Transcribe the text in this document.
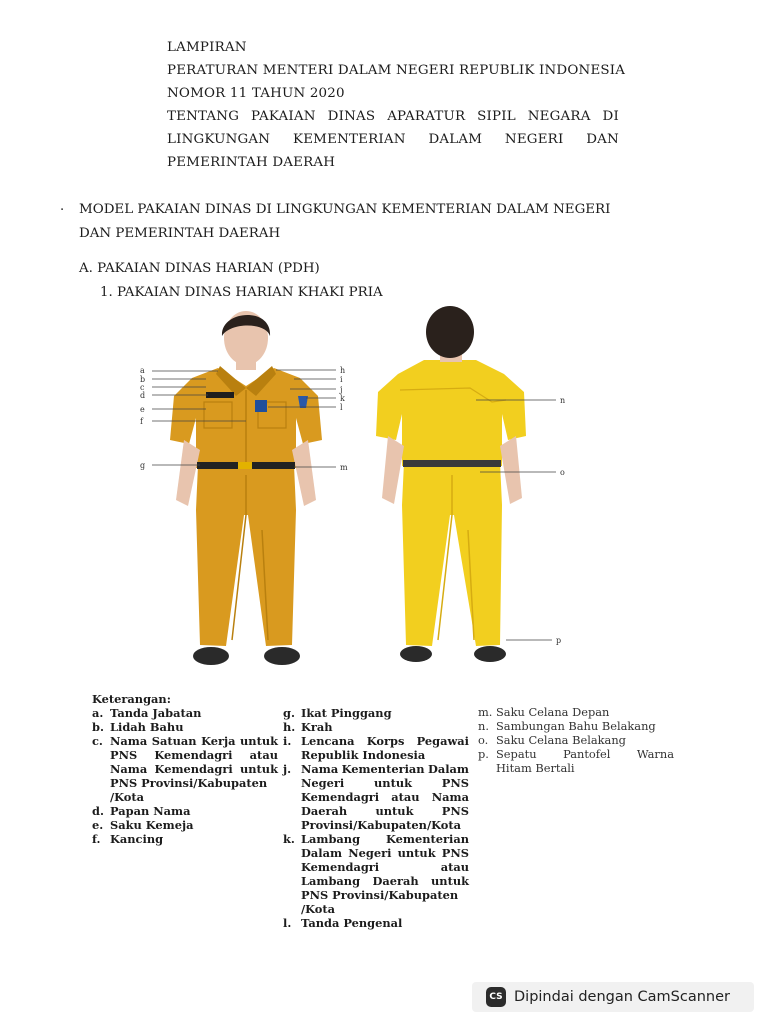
LAMPIRAN
PERATURAN MENTERI DALAM NEGERI REPUBLIK INDONESIA
NOMOR 11 TAHUN 2020
TENTANG PAKAIAN DINAS APARATUR SIPIL NEGARA DI
LINGKUNGAN KEMENTERIAN DALAM NEGERI DAN
PEMERINTAH DAERAH
. MODEL PAKAIAN DINAS DI LINGKUNGAN KEMENTERIAN DALAM NEGERI
DAN PEMERINTAH DAERAH
A. PAKAIAN DINAS HARIAN (PDH)
1. PAKAIAN DINAS HARIAN KHAKI PRIA
a
b
c
d
e
f
g
h
i
j
k
l
m
n
o
p
Keterangan:
a. Tanda Jabatan
b. Lidah Bahu
c. Nama Satuan Kerja untuk
PNS Kemendagri atau
Nama Kemendagri untuk
PNS Provinsi/Kabupaten
/Kota
d. Papan Nama
e. Saku Kemeja
f. Kancing
g. Ikat Pinggang
h. Krah
i. Lencana Korps Pegawai
Republik Indonesia
j. Nama Kementerian Dalam
Negeri	untuk	PNS
Kemendagri atau Nama
Daerah untuk PNS
Provinsi/Kabupaten/Kota
k. Lambang Kementerian
Dalam Negeri untuk PNS
Kemendagri	atau
Lambang Daerah untuk
PNS Provinsi/Kabupaten
/Kota
l. Tanda Pengenal
m. Saku Celana Depan
n. Sambungan Bahu Belakang
o. Saku Celana Belakang
p. Sepatu Pantofel Warna
Hitam Bertali
CS Dipindai dengan CamScanner
